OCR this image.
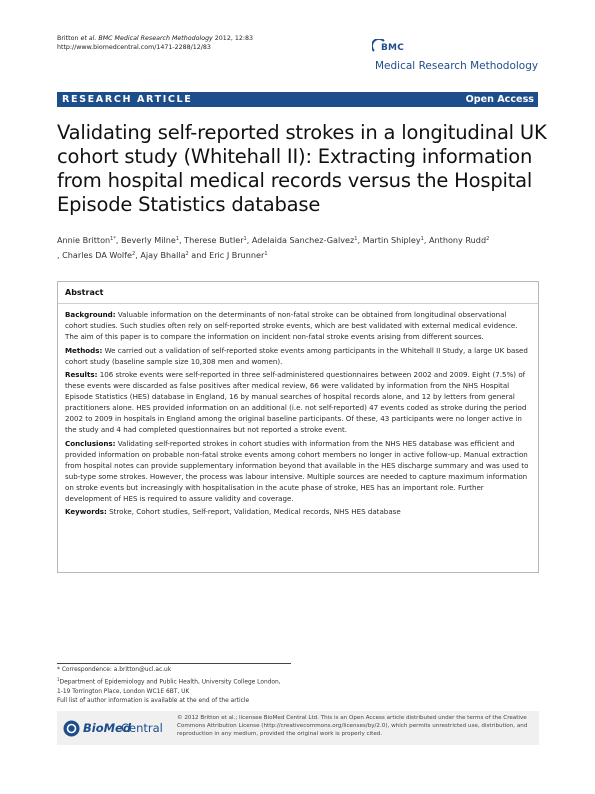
Britton et al. BMC Medical Research Methodology 2012, 12:83
http://www.biomedcentral.com/1471-2288/12/83	BMC
Medical Research Methodology
RESEARCH ARTICLE	Open Access
Validating self-reported strokes in a longitudinal UK cohort study (Whitehall II): Extracting information from hospital medical records versus the Hospital Episode Statistics database
Annie Britton$^{1*}$, Beverly Milne$^1$, Therese Butler$^1$, Adelaida Sanchez-Galvez$^1$, Martin Shipley$^1$, Anthony Rudd$^2$
, Charles DA Wolfe$^2$, Ajay Bhalla$^2$ and Eric J Brunner$^1$
Abstract

Background: Valuable information on the determinants of non-fatal stroke can be obtained from longitudinal observational cohort studies. Such studies often rely on self-reported stroke events, which are best validated with external medical evidence. The aim of this paper is to compare the information on incident non-fatal stroke events arising from different sources.

Methods: We carried out a validation of self-reported stoke events among participants in the Whitehall II Study, a large UK based cohort study (baseline sample size 10,308 men and women).

Results: 106 stroke events were self-reported in three self-administered questionnaires between 2002 and 2009. Eight (7.5%) of these events were discarded as false positives after medical review, 66 were validated by information from the NHS Hospital Episode Statistics (HES) database in England, 16 by manual searches of hospital records alone, and 12 by letters from general practitioners alone. HES provided information on an additional (i.e. not self-reported) 47 events coded as stroke during the period 2002 to 2009 in hospitals in England among the original baseline participants. Of these, 43 participants were no longer active in the study and 4 had completed questionnaires but not reported a stroke event.

Conclusions: Validating self-reported strokes in cohort studies with information from the NHS HES database was efficient and provided information on probable non-fatal stroke events among cohort members no longer in active follow-up. Manual extraction from hospital notes can provide supplementary information beyond that available in the HES discharge summary and was used to sub-type some strokes. However, the process was labour intensive. Multiple sources are needed to capture maximum information on stroke events but increasingly with hospitalisation in the acute phase of stroke, HES has an important role. Further development of HES is required to assure validity and coverage.

Keywords: Stroke, Cohort studies, Self-report, Validation, Medical records, NHS HES database

* Correspondence: a.britton@ucl.ac.uk
$^1$Department of Epidemiology and Public Health, University College London,
1-19 Torrington Place, London WC1E 6BT, UK
Full list of author information is available at the end of the article
BioMed
Central
© 2012 Britton et al.; licensee BioMed Central Ltd. This is an Open Access article distributed under the terms of the Creative Commons Attribution License (http://creativecommons.org/licenses/by/2.0), which permits unrestricted use, distribution, and reproduction in any medium, provided the original work is properly cited.
